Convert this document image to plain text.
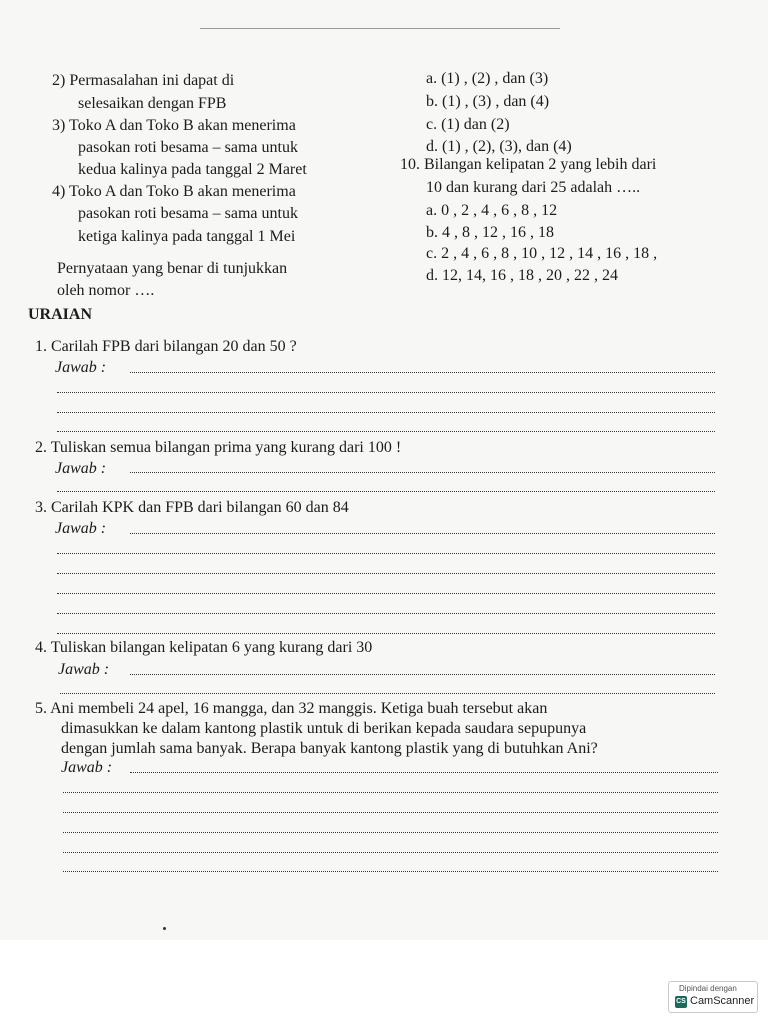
2) Permasalahan ini dapat di
selesaikan dengan FPB
3) Toko A dan Toko B akan menerima
pasokan roti besama – sama untuk
kedua kalinya pada tanggal 2 Maret
4) Toko A dan Toko B akan menerima
pasokan roti besama – sama untuk
ketiga kalinya pada tanggal 1 Mei
Pernyataan yang benar di tunjukkan
oleh nomor ….
a. (1) , (2) , dan (3)
b. (1) , (3) , dan (4)
c. (1) dan (2)
d. (1) , (2), (3), dan (4)
10. Bilangan kelipatan 2 yang lebih dari
10 dan kurang dari 25 adalah …..
a. 0 , 2 , 4 , 6 , 8 , 12
b. 4 , 8 , 12 , 16 , 18
c. 2 , 4 , 6 , 8 , 10 , 12 , 14 , 16 , 18 ,
d. 12, 14, 16 , 18 , 20 , 22 , 24
URAIAN
1. Carilah FPB dari bilangan 20 dan 50 ?
Jawab :
2. Tuliskan semua bilangan prima yang kurang dari 100 !
Jawab :
3. Carilah KPK dan FPB dari bilangan 60 dan 84
Jawab :
4. Tuliskan bilangan kelipatan 6 yang kurang dari 30
Jawab :
5. Ani membeli 24 apel, 16 mangga, dan 32 manggis. Ketiga buah tersebut akan
dimasukkan ke dalam kantong plastik untuk di berikan kepada saudara sepupunya
dengan jumlah sama banyak. Berapa banyak kantong plastik yang di butuhkan Ani?
Jawab :
Dipindai dengan
CS CamScanner
